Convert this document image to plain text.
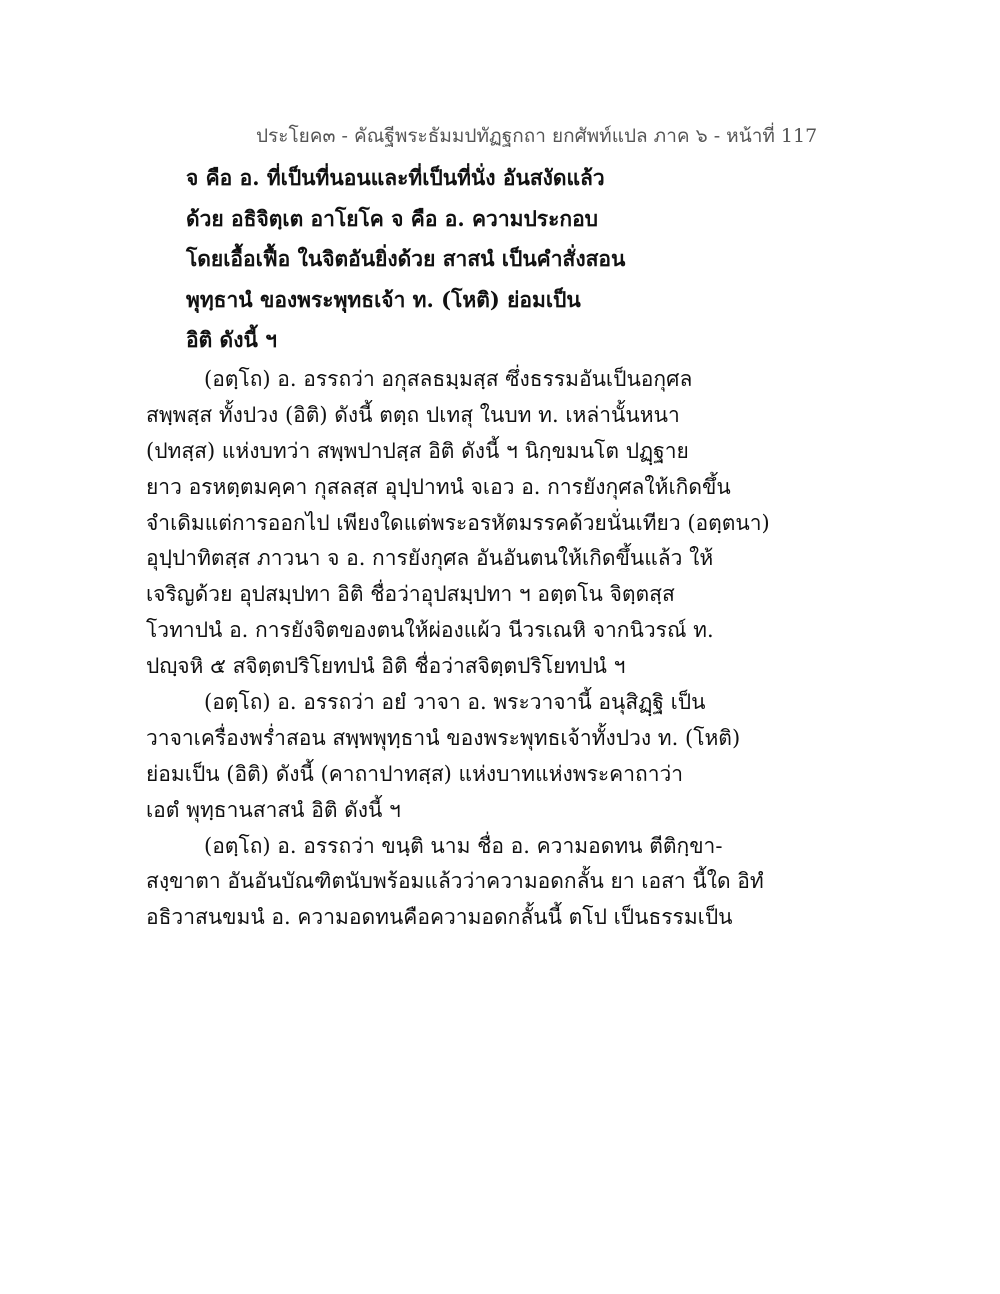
ประโยค๓ - คัณฐีพระธัมมปทัฏฐกถา ยกศัพท์แปล ภาค ๖ - หน้าที่ 117
จ คือ อ. ที่เป็นที่นอนและที่เป็นที่นั่ง อันสงัดแล้ว
ด้วย อธิจิตฺเต อาโยโค จ คือ อ. ความประกอบ
โดยเอื้อเฟื้อ ในจิตอันยิ่งด้วย สาสนํ เป็นคำสั่งสอน
พุทฺธานํ ของพระพุทธเจ้า ท. (โหติ) ย่อมเป็น
อิติ ดังนี้ ฯ
(อตฺโถ) อ. อรรถว่า อกุสลธมฺมสฺส ซึ่งธรรมอันเป็นอกุศล
สพฺพสฺส ทั้งปวง (อิติ) ดังนี้ ตตฺถ ปเทสุ ในบท ท. เหล่านั้นหนา
(ปทสฺส) แห่งบทว่า สพฺพปาปสฺส อิติ ดังนี้ ฯ นิกฺขมนโต ปฏฺฐาย
ยาว อรหตฺตมคฺคา กุสลสฺส อุปฺปาทนํ จเอว อ. การยังกุศลให้เกิดขึ้น
จำเดิมแต่การออกไป เพียงใดแต่พระอรหัตมรรคด้วยนั่นเทียว (อตฺตนา)
อุปฺปาทิตสฺส ภาวนา จ อ. การยังกุศล อันอันตนให้เกิดขึ้นแล้ว ให้
เจริญด้วย อุปสมฺปทา อิติ ชื่อว่าอุปสมฺปทา ฯ อตฺตโน จิตฺตสฺส
โวทาปนํ อ. การยังจิตของตนให้ผ่องแผ้ว นีวรเณหิ จากนิวรณ์ ท.
ปญฺจหิ ๕ สจิตฺตปริโยทปนํ อิติ ชื่อว่าสจิตฺตปริโยทปนํ ฯ
(อตฺโถ) อ. อรรถว่า อยํ วาจา อ. พระวาจานี้ อนุสิฏฺฐิ เป็น
วาจาเครื่องพร่ำสอน สพฺพพุทฺธานํ ของพระพุทธเจ้าทั้งปวง ท. (โหติ)
ย่อมเป็น (อิติ) ดังนี้ (คาถาปาทสฺส) แห่งบาทแห่งพระคาถาว่า
เอตํ พุทฺธานสาสนํ อิติ ดังนี้ ฯ
(อตฺโถ) อ. อรรถว่า ขนฺติ นาม ชื่อ อ. ความอดทน ตีติกฺขา-
สงฺขาตา อันอันบัณฑิตนับพร้อมแล้วว่าความอดกลั้น ยา เอสา นี้ใด อิทํ
อธิวาสนขมนํ อ. ความอดทนคือความอดกลั้นนี้ ตโป เป็นธรรมเป็น
